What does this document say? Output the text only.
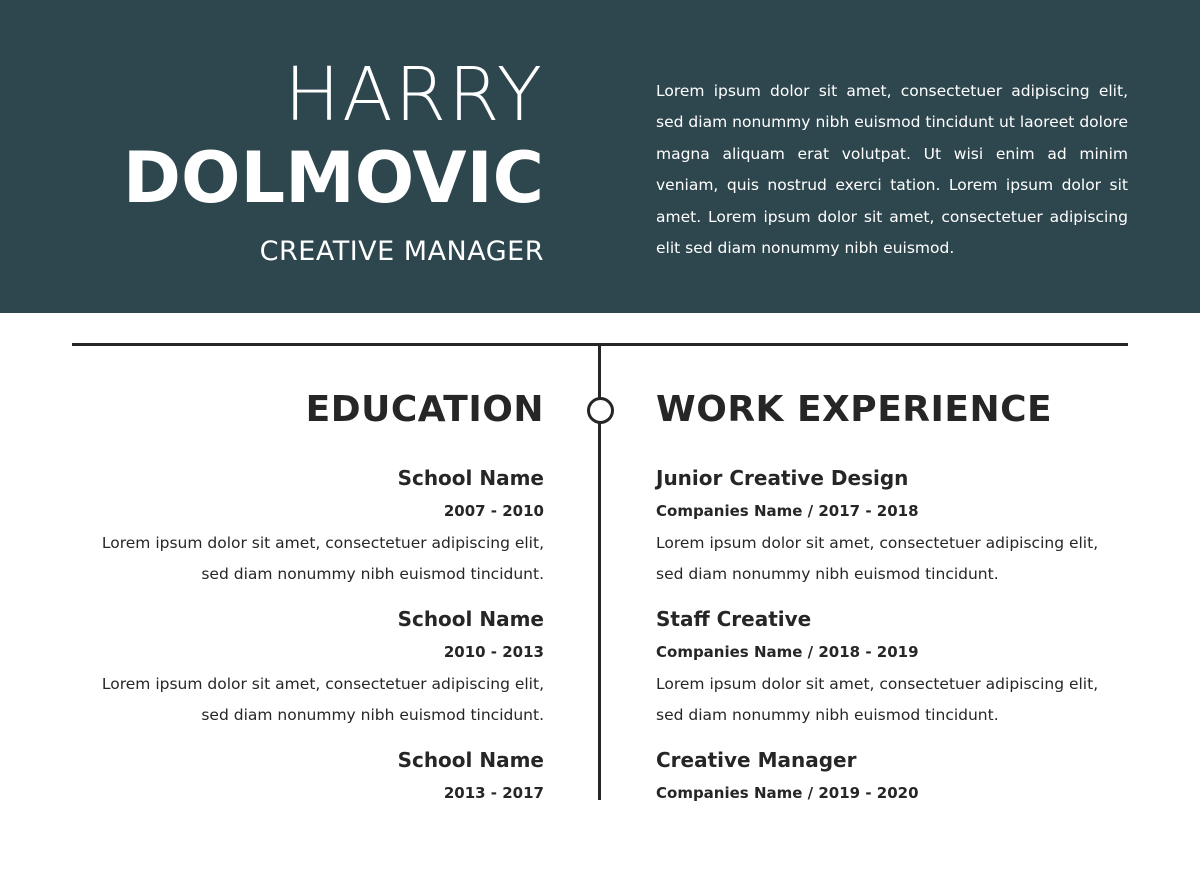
HARRY
DOLMOVIC
CREATIVE MANAGER
Lorem ipsum dolor sit amet, consectetuer adipiscing elit, sed diam nonummy nibh euismod tincidunt ut laoreet dolore magna aliquam erat volutpat. Ut wisi enim ad minim veniam, quis nostrud exerci tation. Lorem ipsum dolor sit amet. Lorem ipsum dolor sit amet, consectetuer adipiscing elit sed diam nonummy nibh euismod.
EDUCATION	WORK EXPERIENCE
School Name
2007 - 2010
Lorem ipsum dolor sit amet, consectetuer adipiscing elit,
sed diam nonummy nibh euismod tincidunt.
School Name
2010 - 2013
Lorem ipsum dolor sit amet, consectetuer adipiscing elit,
sed diam nonummy nibh euismod tincidunt.
School Name
2013 - 2017
Junior Creative Design
Companies Name / 2017 - 2018
Lorem ipsum dolor sit amet, consectetuer adipiscing elit,
sed diam nonummy nibh euismod tincidunt.
Staff Creative
Companies Name / 2018 - 2019
Lorem ipsum dolor sit amet, consectetuer adipiscing elit,
sed diam nonummy nibh euismod tincidunt.
Creative Manager
Companies Name / 2019 - 2020
